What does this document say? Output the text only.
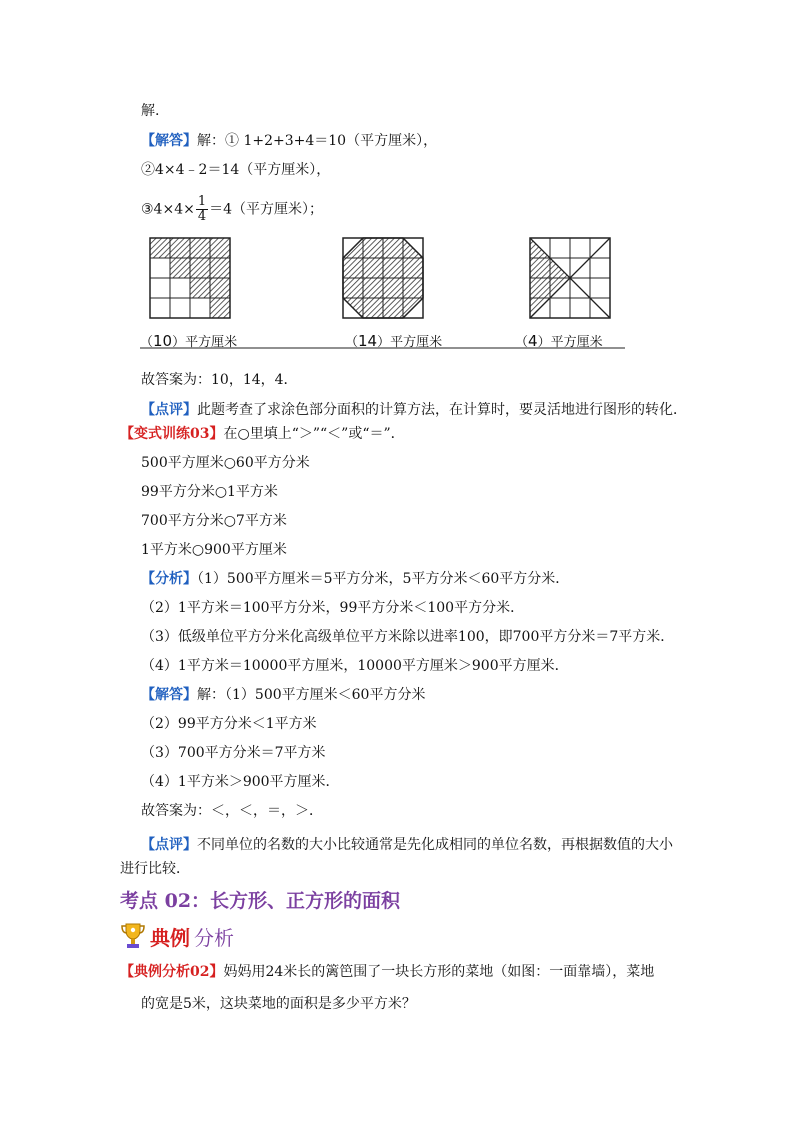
解.
【解答】解：① 1+2+3+4＝10（平方厘米），
②4×4﹣2＝14（平方厘米），
③4×4× $\frac{1}{4} =4$（平方厘米）；
（10）平方厘米	（14）平方厘米	（4）平方厘米
故答案为：10，14，4．
【点评】此题考查了求涂色部分面积的计算方法，在计算时，要灵活地进行图形的转化．
【变式训练03】在○里填上“＞”“＜”或“＝”．
500平方厘米○60平方分米
99平方分米○1平方米
700平方分米○7平方米
1平方米○900平方厘米
【分析】（1）500平方厘米＝5平方分米，5平方分米＜60平方分米．
（2）1平方米＝100平方分米，99平方分米＜100平方分米．
（3）低级单位平方分米化高级单位平方米除以进率100，即700平方分米＝7平方米．
（4）1平方米＝10000平方厘米，10000平方厘米＞900平方厘米．
【解答】解：（1）500平方厘米＜60平方分米
（2）99平方分米＜1平方米
（3）700平方分米＝7平方米
（4）1平方米＞900平方厘米．
故答案为：＜，＜，＝，＞．
【点评】不同单位的名数的大小比较通常是先化成相同的单位名数，再根据数值的大小
进行比较．
考点 02：长方形、正方形的面积
典例 分析
【典例分析02】妈妈用24米长的篱笆围了一块长方形的菜地（如图：一面靠墙），菜地
的宽是5米，这块菜地的面积是多少平方米？
